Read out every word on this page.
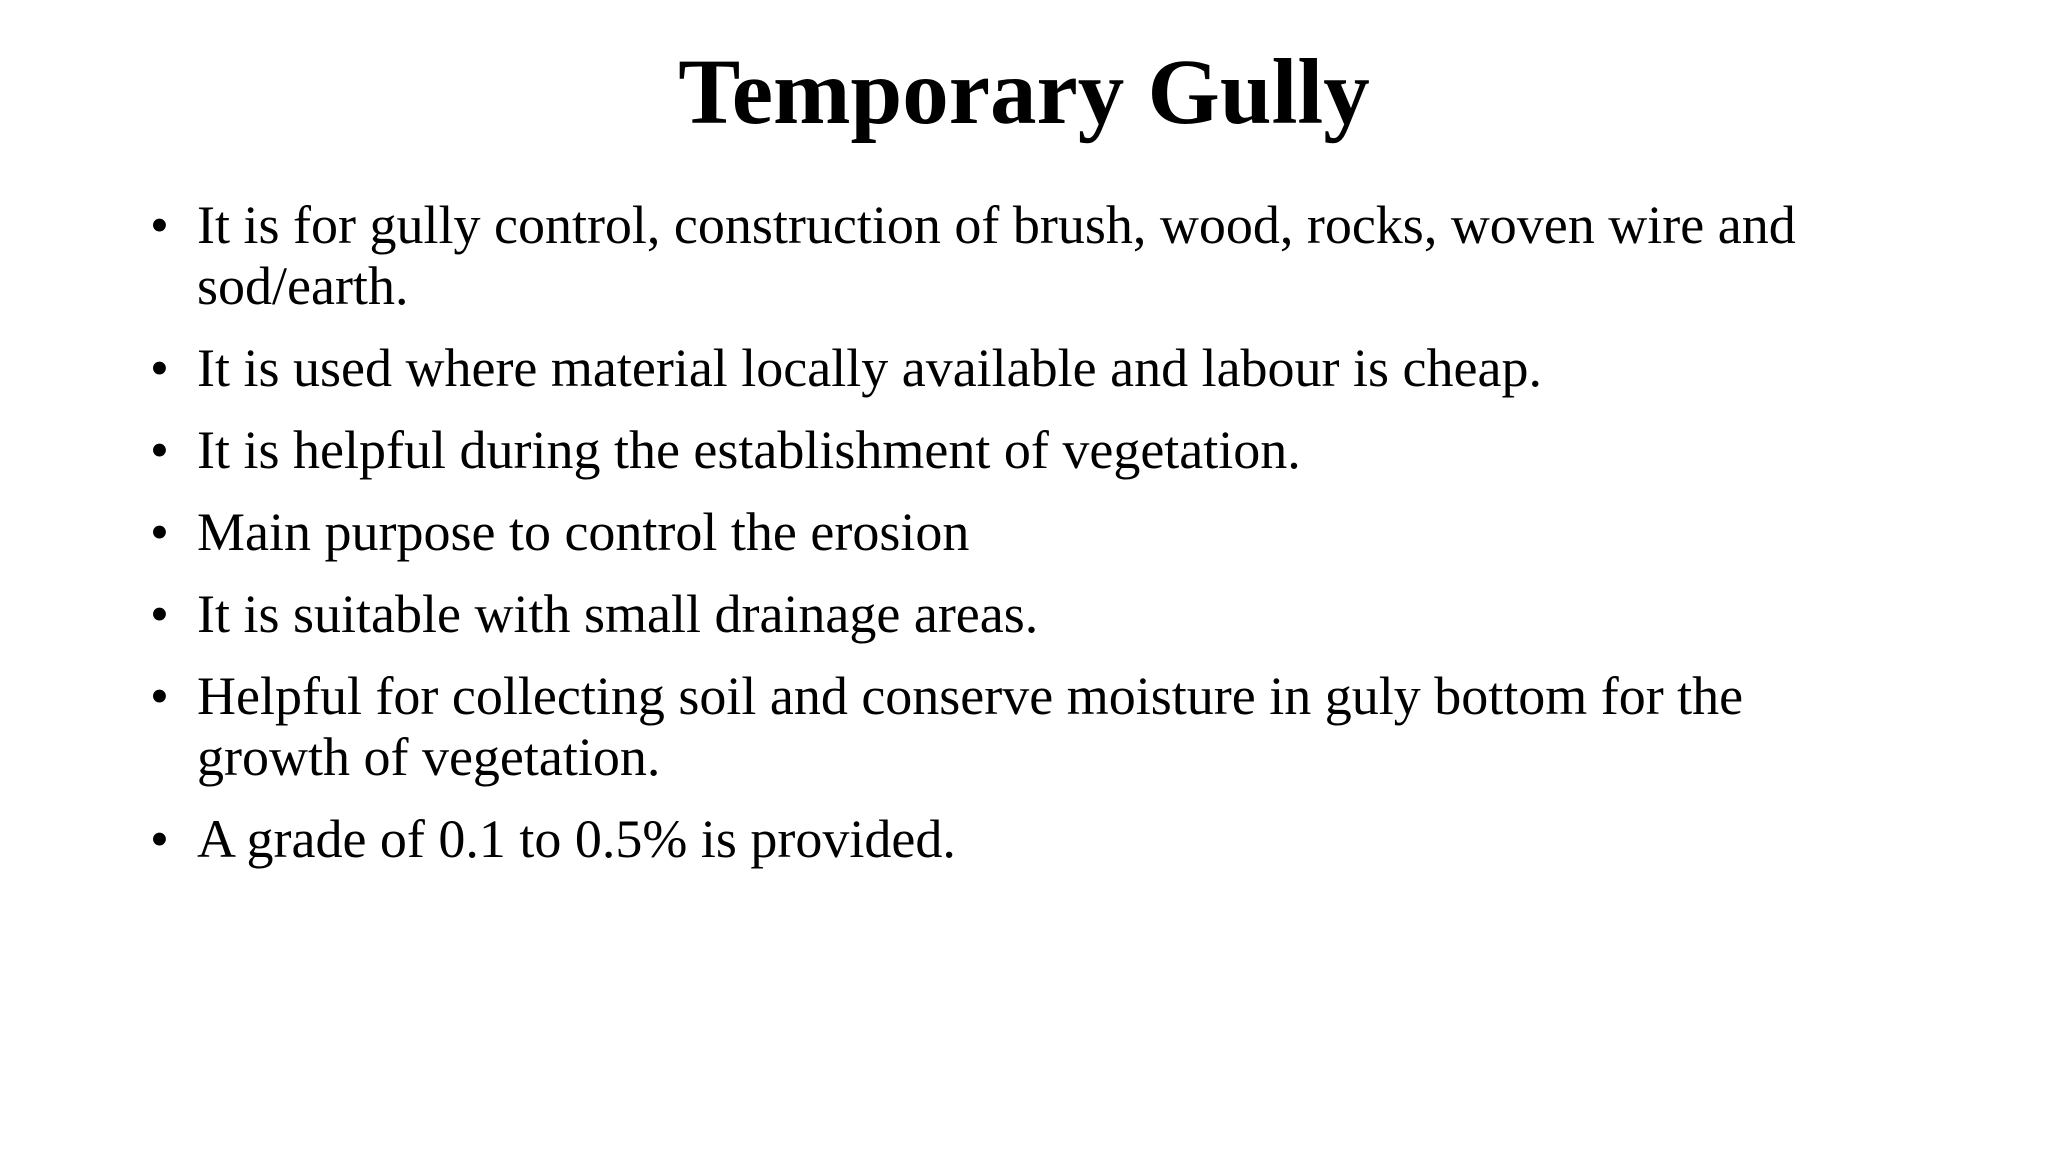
Temporary Gully
• It is for gully control, construction of brush, wood, rocks, woven wire and sod/earth.
• It is used where material locally available and labour is cheap.
• It is helpful during the establishment of vegetation.
• Main purpose to control the erosion
• It is suitable with small drainage areas.
• Helpful for collecting soil and conserve moisture in guly bottom for the growth of vegetation.
• A grade of 0.1 to 0.5% is provided.
